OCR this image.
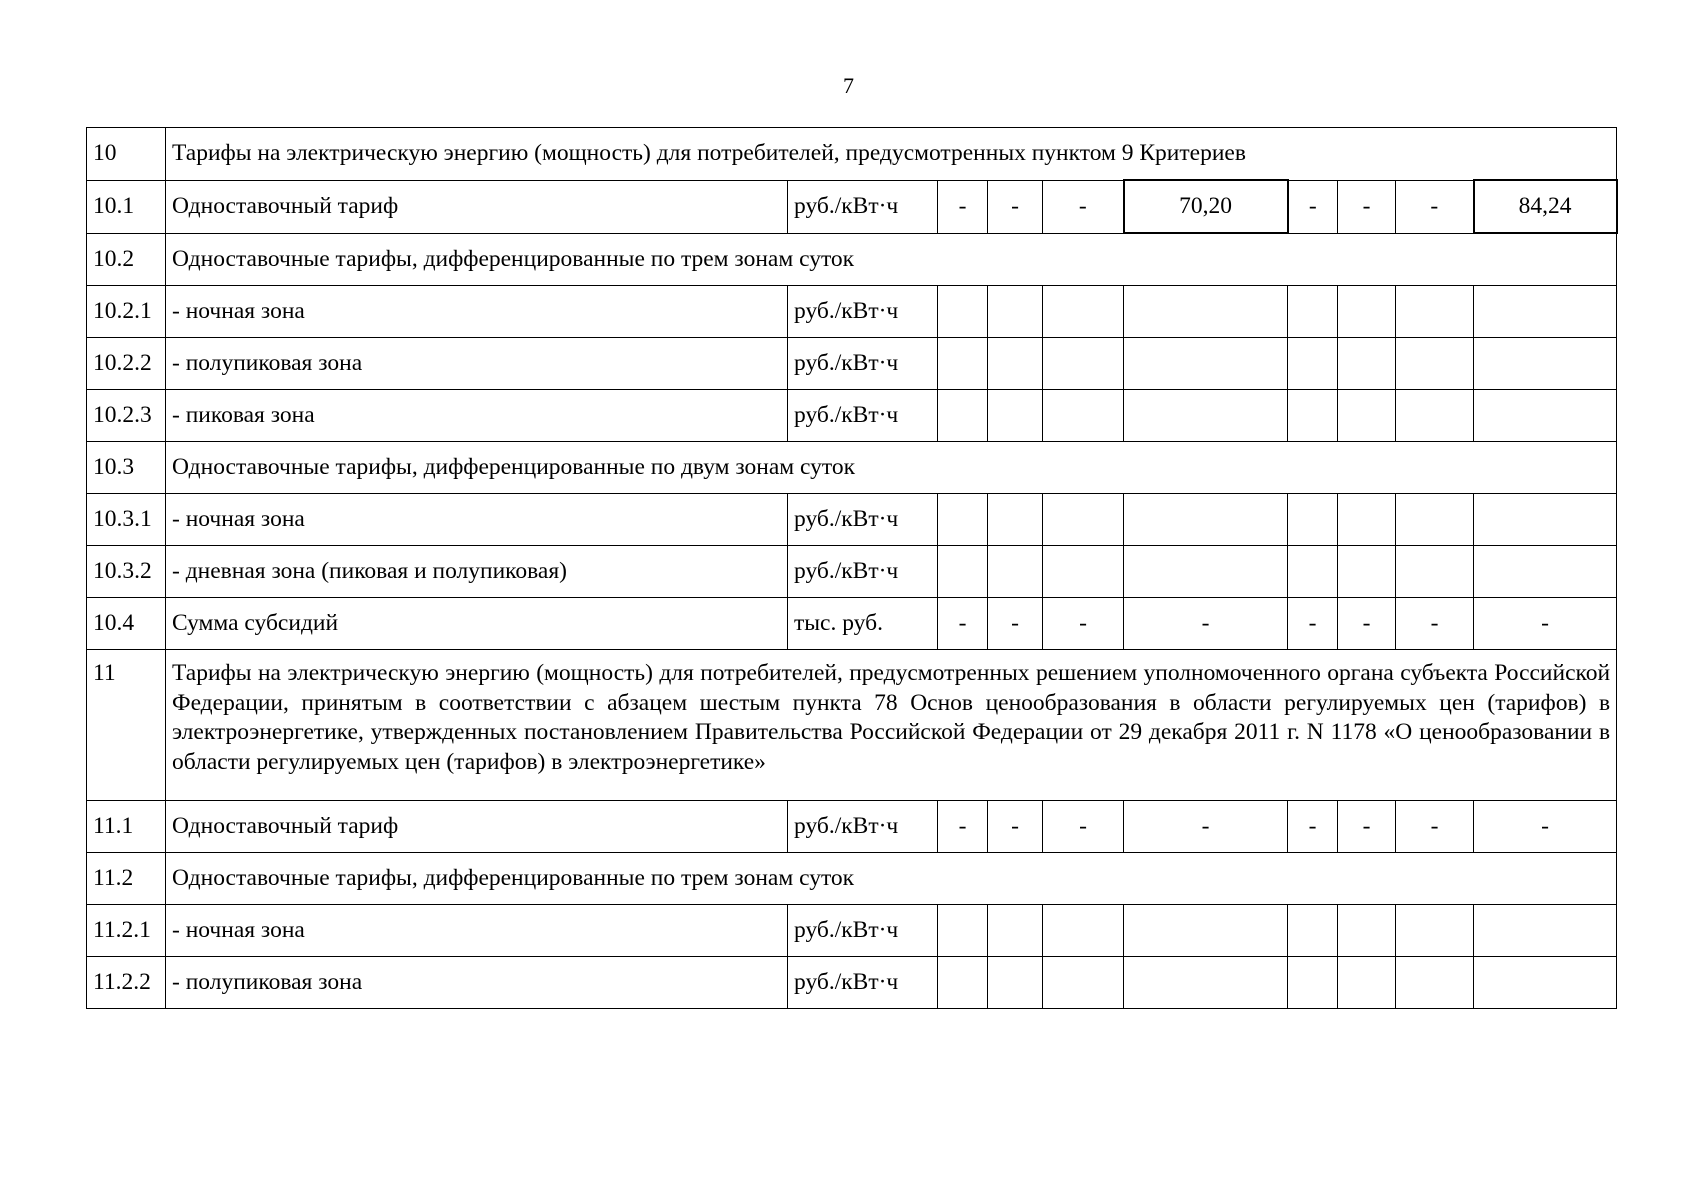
7
10	Тарифы на электрическую энергию (мощность) для потребителей, предусмотренных пунктом 9 Критериев									
10.1	Одноставочный тариф	руб./кВт·ч	-	-	-	70,20	-	-	-	84,24
10.2	Одноставочные тарифы, дифференцированные по трем зонам суток									
10.2.1	- ночная зона	руб./кВт·ч								
10.2.2	- полупиковая зона	руб./кВт·ч								
10.2.3	- пиковая зона	руб./кВт·ч								
10.3	Одноставочные тарифы, дифференцированные по двум зонам суток									
10.3.1	- ночная зона	руб./кВт·ч								
10.3.2	- дневная зона (пиковая и полупиковая)	руб./кВт·ч								
10.4	Сумма субсидий	тыс. руб.	-	-	-	-	-	-	-	-
11	Тарифы на электрическую энергию (мощность) для потребителей, предусмотренных решением уполномоченного органа субъекта Российской Федерации, принятым в соответствии с абзацем шестым пункта 78 Основ ценообразования в области регулируемых цен (тарифов) в электроэнергетике, утвержденных постановлением Правительства Российской Федерации от 29 декабря 2011 г. N 1178 «О ценообразовании в области регулируемых цен (тарифов) в электроэнергетике»									
11.1	Одноставочный тариф	руб./кВт·ч	-	-	-	-	-	-	-	-
11.2	Одноставочные тарифы, дифференцированные по трем зонам суток									
11.2.1	- ночная зона	руб./кВт·ч								
11.2.2	- полупиковая зона	руб./кВт·ч								
